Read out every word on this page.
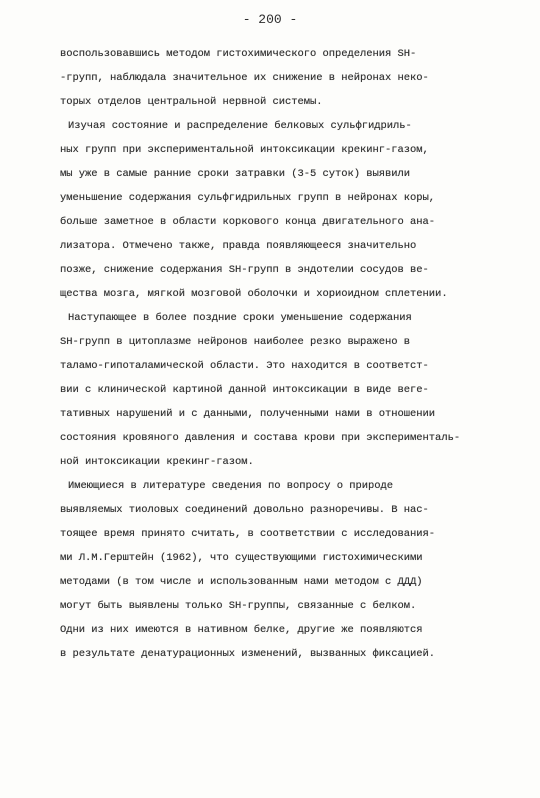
- 200 -
воспользовавшись методом гистохимического определения SH-
-групп, наблюдала значительное их снижение в нейронах неко-
торых отделов центральной нервной системы.
Изучая состояние и распределение белковых сульфгидриль-
ных групп при экспериментальной интоксикации крекинг-газом,
мы уже в самые ранние сроки затравки (3-5 суток) выявили
уменьшение содержания сульфгидрильных групп в нейронах коры,
больше заметное в области коркового конца двигательного ана-
лизатора. Отмечено также, правда появляющееся значительно
позже, снижение содержания SH-групп в эндотелии сосудов ве-
щества мозга, мягкой мозговой оболочки и хориоидном сплетении.
Наступающее в более поздние сроки уменьшение содержания
SH-групп в цитоплазме нейронов наиболее резко выражено в
таламо-гипоталамической области. Это находится в соответст-
вии с клинической картиной данной интоксикации в виде веге-
тативных нарушений и с данными, полученными нами в отношении
состояния кровяного давления и состава крови при эксперименталь-
ной интоксикации крекинг-газом.
Имеющиеся в литературе сведения по вопросу о природе
выявляемых тиоловых соединений довольно разноречивы. В нас-
тоящее время принято считать, в соответствии с исследования-
ми Л.М.Герштейн (1962), что существующими гистохимическими
методами (в том числе и использованным нами методом с ДДД)
могут быть выявлены только SH-группы, связанные с белком.
Одни из них имеются в нативном белке, другие же появляются
в результате денатурационных изменений, вызванных фиксацией.
